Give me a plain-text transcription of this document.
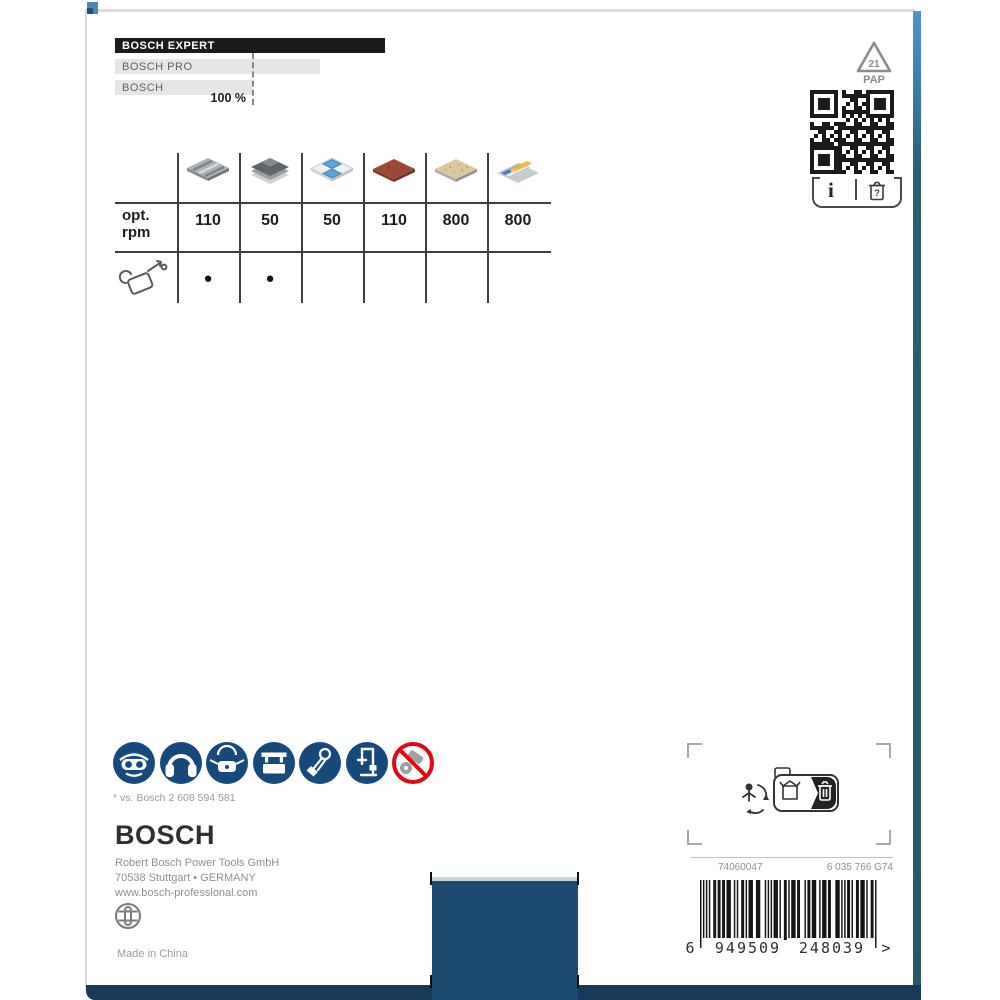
BOSCH EXPERT
BOSCH PRO
BOSCH
100 %
opt.
rpm
110	50	50	110	800	800
●	●
21
PAP
i	?
* vs. Bosch 2 608 594 581
BOSCH
Robert Bosch Power Tools GmbH
70538 Stuttgart • GERMANY
www.bosch-professional.com
Made in China
74060047	6 035 766 G74
6	949509	248039	>
